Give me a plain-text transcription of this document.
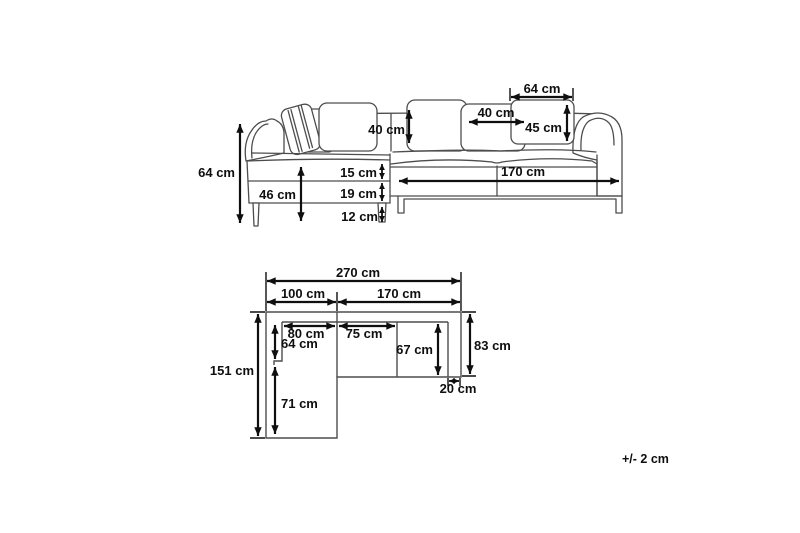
64 cm
46 cm
15 cm
19 cm
12 cm
40 cm
40 cm
64 cm
45 cm
170 cm
270 cm
100 cm	170 cm
151 cm
80 cm 75 cm
64 cm
71 cm
67 cm	83 cm
20 cm
+/- 2 cm
